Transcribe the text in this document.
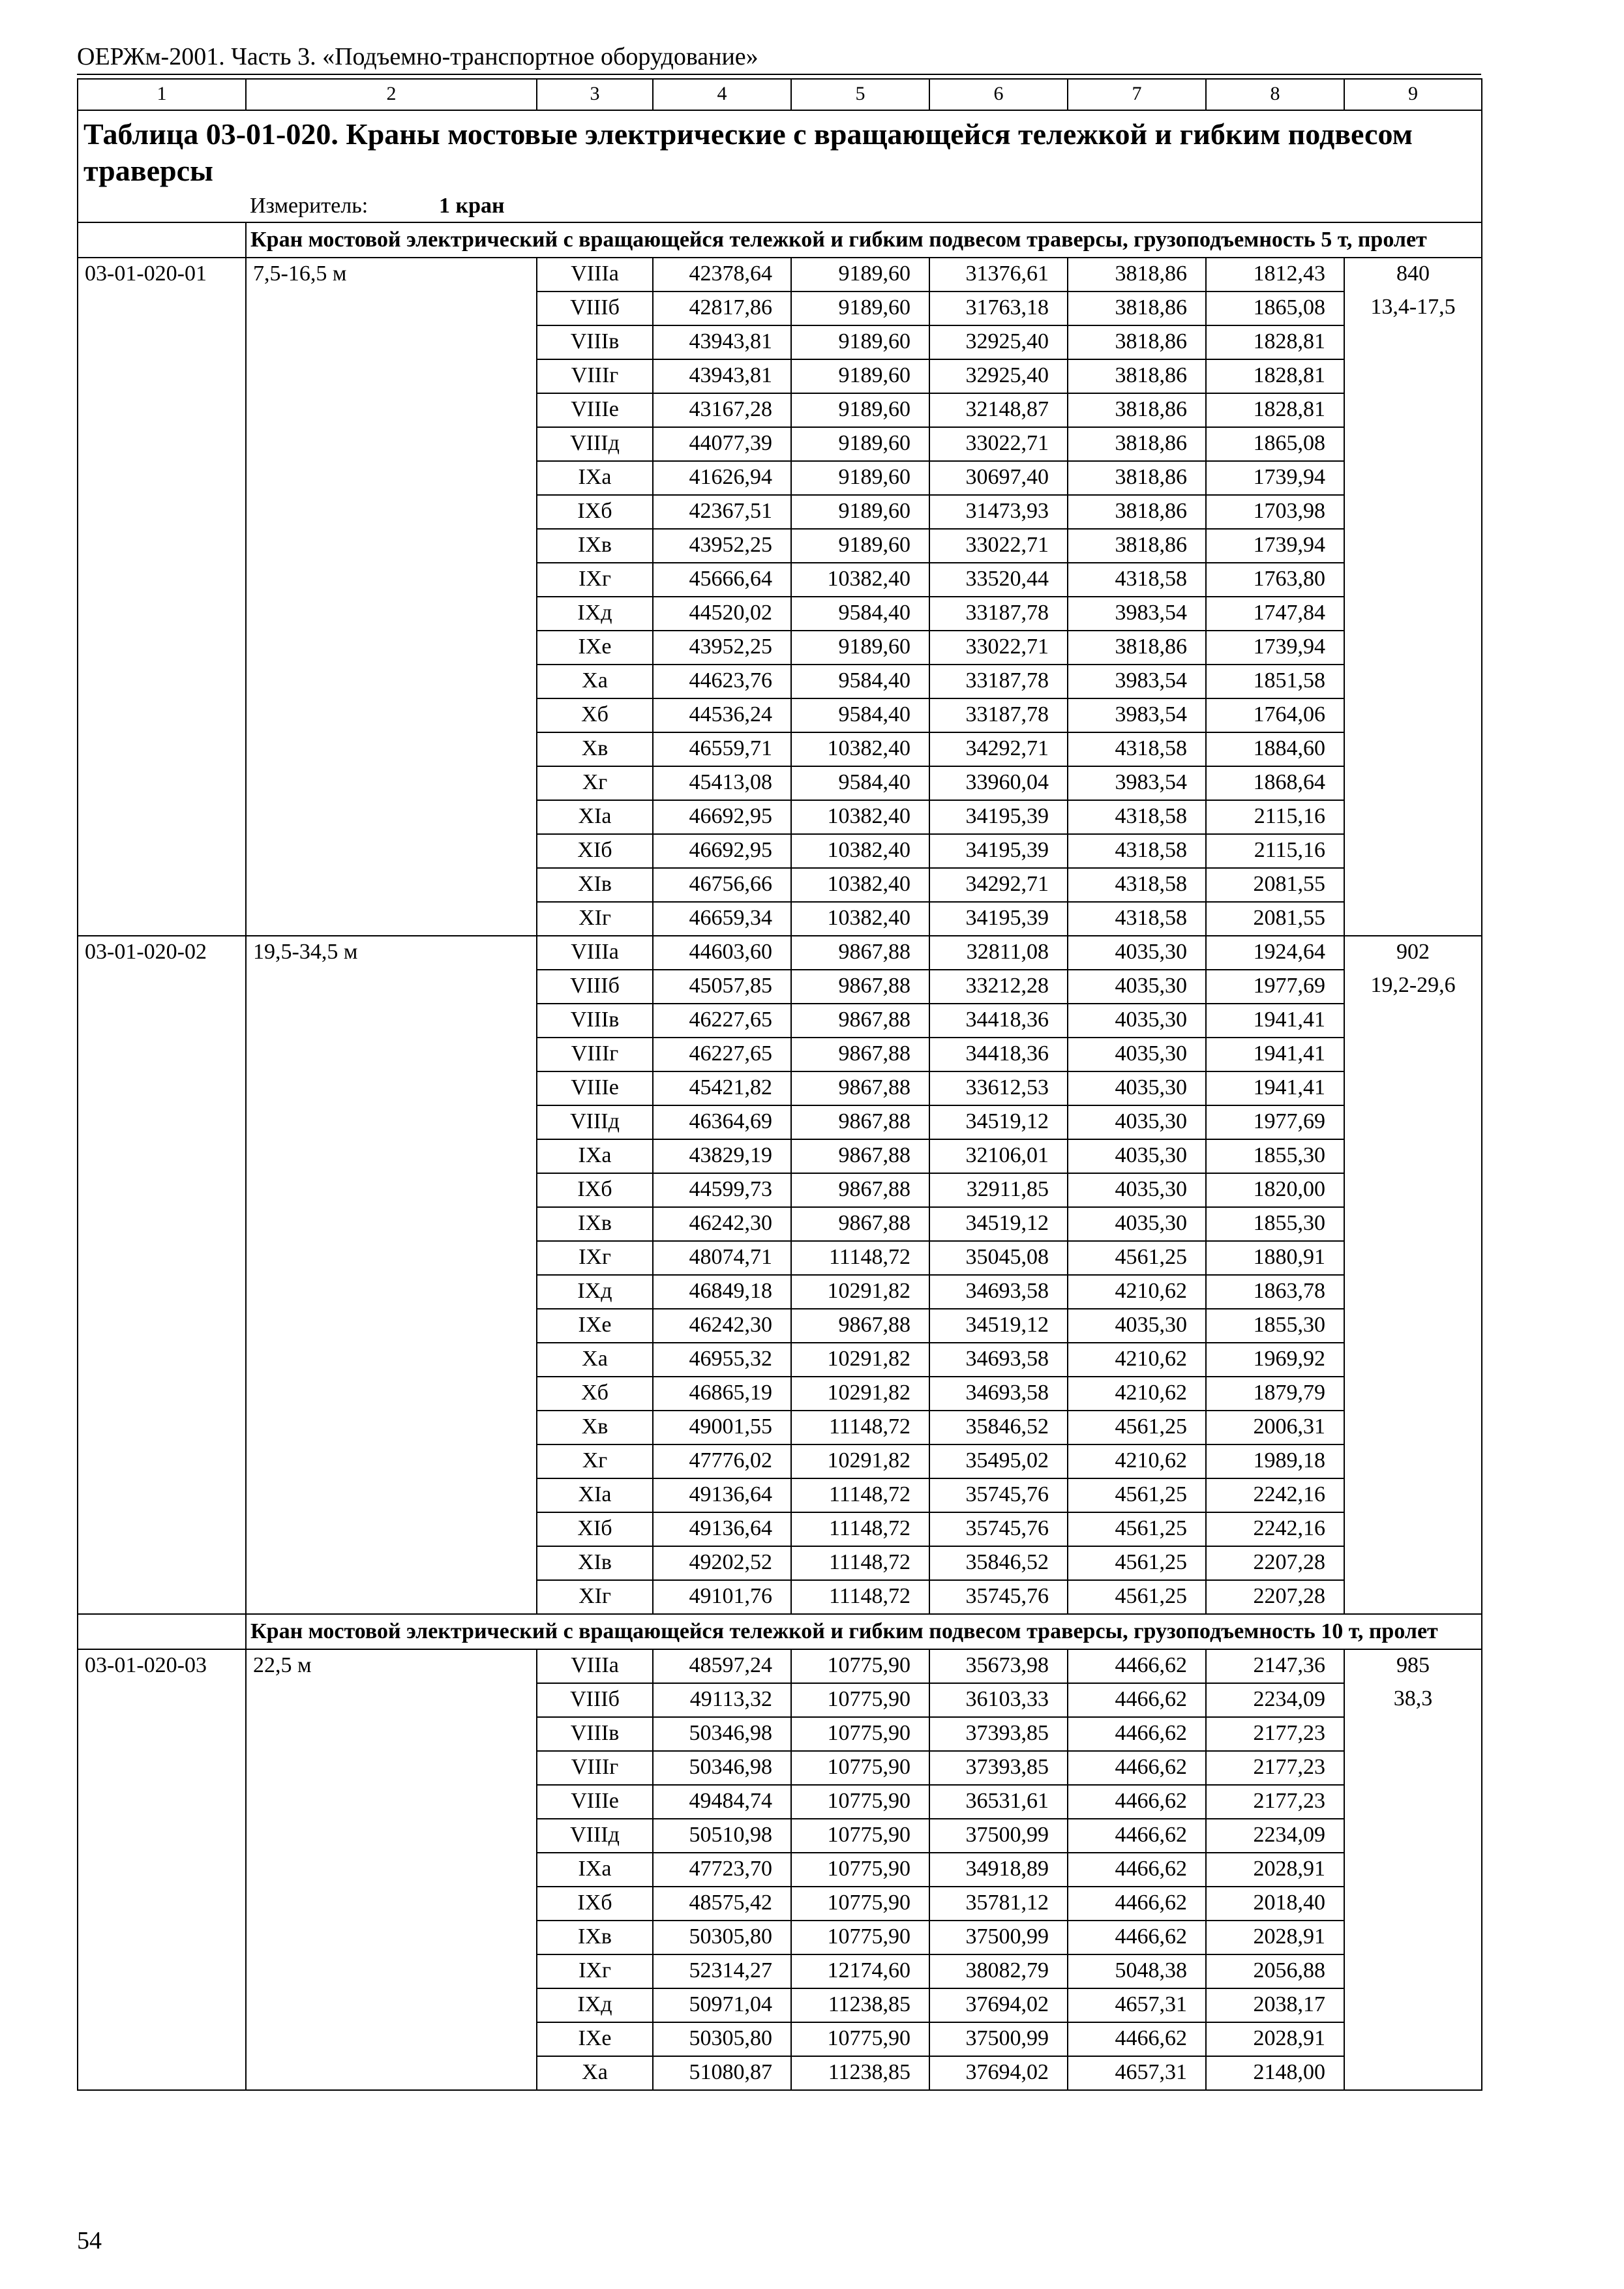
ОЕРЖм-2001. Часть 3. «Подъемно-транспортное оборудование»
1	2	3	4	5	6	7	8	9
Таблица 03-01-020. Краны мостовые электрические с вращающейся тележкой и гибким подвесом траверсы								
	Измеритель: 1 кран							
	Кран мостовой электрический с вращающейся тележкой и гибким подвесом траверсы, грузоподъемность 5 т, пролет							
03-01-020-01	7,5-16,5 м	VIIIа	42378,64	9189,60	31376,61	3818,86	1812,43	840
		VIIIб	42817,86	9189,60	31763,18	3818,86	1865,08	13,4-17,5
		VIIIв	43943,81	9189,60	32925,40	3818,86	1828,81	
		VIIIг	43943,81	9189,60	32925,40	3818,86	1828,81	
		VIIIе	43167,28	9189,60	32148,87	3818,86	1828,81	
		VIIIд	44077,39	9189,60	33022,71	3818,86	1865,08	
		IХа	41626,94	9189,60	30697,40	3818,86	1739,94	
		IХб	42367,51	9189,60	31473,93	3818,86	1703,98	
		IХв	43952,25	9189,60	33022,71	3818,86	1739,94	
		IХг	45666,64	10382,40	33520,44	4318,58	1763,80	
		IХд	44520,02	9584,40	33187,78	3983,54	1747,84	
		IХе	43952,25	9189,60	33022,71	3818,86	1739,94	
		Ха	44623,76	9584,40	33187,78	3983,54	1851,58	
		Хб	44536,24	9584,40	33187,78	3983,54	1764,06	
		Хв	46559,71	10382,40	34292,71	4318,58	1884,60	
		Хг	45413,08	9584,40	33960,04	3983,54	1868,64	
		ХIа	46692,95	10382,40	34195,39	4318,58	2115,16	
		ХIб	46692,95	10382,40	34195,39	4318,58	2115,16	
		ХIв	46756,66	10382,40	34292,71	4318,58	2081,55	
		ХIг	46659,34	10382,40	34195,39	4318,58	2081,55	
03-01-020-02	19,5-34,5 м	VIIIа	44603,60	9867,88	32811,08	4035,30	1924,64	902
		VIIIб	45057,85	9867,88	33212,28	4035,30	1977,69	19,2-29,6
		VIIIв	46227,65	9867,88	34418,36	4035,30	1941,41	
		VIIIг	46227,65	9867,88	34418,36	4035,30	1941,41	
		VIIIе	45421,82	9867,88	33612,53	4035,30	1941,41	
		VIIIд	46364,69	9867,88	34519,12	4035,30	1977,69	
		IХа	43829,19	9867,88	32106,01	4035,30	1855,30	
		IХб	44599,73	9867,88	32911,85	4035,30	1820,00	
		IХв	46242,30	9867,88	34519,12	4035,30	1855,30	
		IХг	48074,71	11148,72	35045,08	4561,25	1880,91	
		IХд	46849,18	10291,82	34693,58	4210,62	1863,78	
		IХе	46242,30	9867,88	34519,12	4035,30	1855,30	
		Ха	46955,32	10291,82	34693,58	4210,62	1969,92	
		Хб	46865,19	10291,82	34693,58	4210,62	1879,79	
		Хв	49001,55	11148,72	35846,52	4561,25	2006,31	
		Хг	47776,02	10291,82	35495,02	4210,62	1989,18	
		ХIа	49136,64	11148,72	35745,76	4561,25	2242,16	
		ХIб	49136,64	11148,72	35745,76	4561,25	2242,16	
		ХIв	49202,52	11148,72	35846,52	4561,25	2207,28	
		ХIг	49101,76	11148,72	35745,76	4561,25	2207,28	
	Кран мостовой электрический с вращающейся тележкой и гибким подвесом траверсы, грузоподъемность 10 т, пролет							
03-01-020-03	22,5 м	VIIIа	48597,24	10775,90	35673,98	4466,62	2147,36	985
		VIIIб	49113,32	10775,90	36103,33	4466,62	2234,09	38,3
		VIIIв	50346,98	10775,90	37393,85	4466,62	2177,23	
		VIIIг	50346,98	10775,90	37393,85	4466,62	2177,23	
		VIIIе	49484,74	10775,90	36531,61	4466,62	2177,23	
		VIIIд	50510,98	10775,90	37500,99	4466,62	2234,09	
		IХа	47723,70	10775,90	34918,89	4466,62	2028,91	
		IХб	48575,42	10775,90	35781,12	4466,62	2018,40	
		IХв	50305,80	10775,90	37500,99	4466,62	2028,91	
		IХг	52314,27	12174,60	38082,79	5048,38	2056,88	
		IХд	50971,04	11238,85	37694,02	4657,31	2038,17	
		IХе	50305,80	10775,90	37500,99	4466,62	2028,91	
		Ха	51080,87	11238,85	37694,02	4657,31	2148,00	
54
